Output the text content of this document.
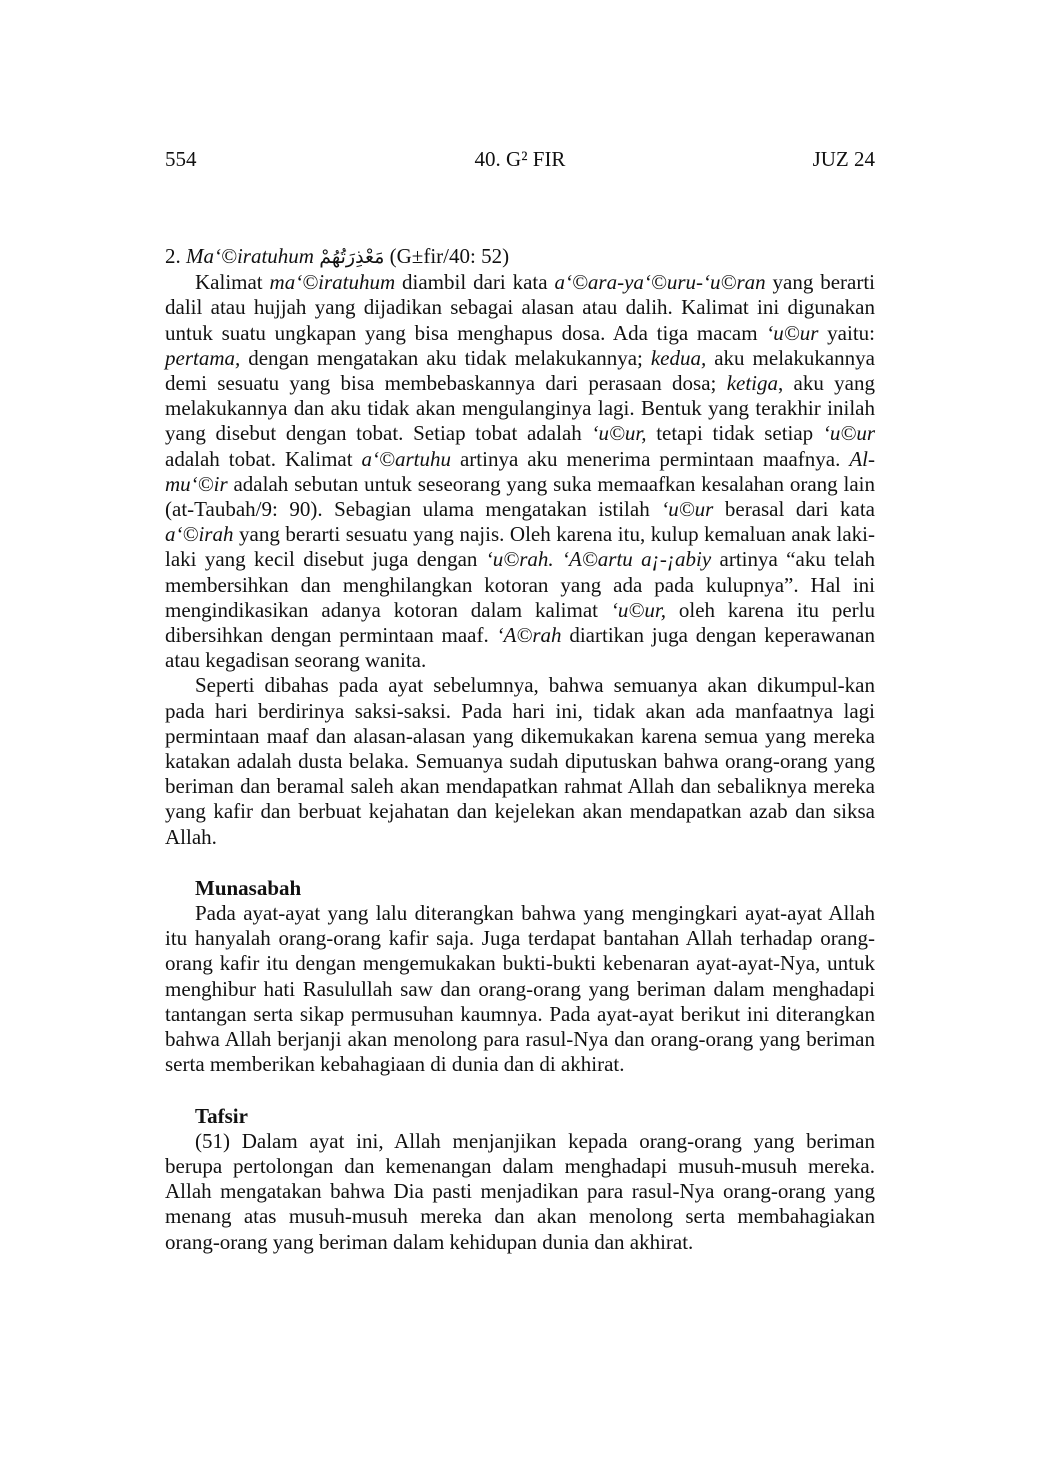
554	40. G² FIR	JUZ 24

2. Ma‘©iratuhum مَعْذِرَتُهُمْ (G±fir/40: 52)

Kalimat ma‘©iratuhum diambil dari kata a‘©ara-ya‘©uru-‘u©ran yang berarti dalil atau hujjah yang dijadikan sebagai alasan atau dalih. Kalimat ini digunakan untuk suatu ungkapan yang bisa menghapus dosa. Ada tiga macam ‘u©ur yaitu: pertama, dengan mengatakan aku tidak melakukannya; kedua, aku melakukannya demi sesuatu yang bisa membebaskannya dari perasaan dosa; ketiga, aku yang melakukannya dan aku tidak akan mengulanginya lagi. Bentuk yang terakhir inilah yang disebut dengan tobat. Setiap tobat adalah ‘u©ur, tetapi tidak setiap ‘u©ur adalah tobat. Kalimat a‘©artuhu artinya aku menerima permintaan maafnya. Al-mu‘©ir adalah sebutan untuk seseorang yang suka memaafkan kesalahan orang lain (at-Taubah/9: 90). Sebagian ulama mengatakan istilah ‘u©ur berasal dari kata a‘©irah yang berarti sesuatu yang najis. Oleh karena itu, kulup kemaluan anak laki-laki yang kecil disebut juga dengan ‘u©rah. ‘A©artu a¡-¡abiy artinya “aku telah membersihkan dan menghilangkan kotoran yang ada pada kulupnya”. Hal ini mengindikasikan adanya kotoran dalam kalimat ‘u©ur, oleh karena itu perlu dibersihkan dengan permintaan maaf. ‘A©rah diartikan juga dengan keperawanan atau kegadisan seorang wanita.

Seperti dibahas pada ayat sebelumnya, bahwa semuanya akan dikumpul-kan pada hari berdirinya saksi-saksi. Pada hari ini, tidak akan ada manfaatnya lagi permintaan maaf dan alasan-alasan yang dikemukakan karena semua yang mereka katakan adalah dusta belaka. Semuanya sudah diputuskan bahwa orang-orang yang beriman dan beramal saleh akan mendapatkan rahmat Allah dan sebaliknya mereka yang kafir dan berbuat kejahatan dan kejelekan akan mendapatkan azab dan siksa Allah.

Munasabah

Pada ayat-ayat yang lalu diterangkan bahwa yang mengingkari ayat-ayat Allah itu hanyalah orang-orang kafir saja. Juga terdapat bantahan Allah terhadap orang-orang kafir itu dengan mengemukakan bukti-bukti kebenaran ayat-ayat-Nya, untuk menghibur hati Rasulullah saw dan orang-orang yang beriman dalam menghadapi tantangan serta sikap permusuhan kaumnya. Pada ayat-ayat berikut ini diterangkan bahwa Allah berjanji akan menolong para rasul-Nya dan orang-orang yang beriman serta memberikan kebahagiaan di dunia dan di akhirat.

Tafsir

(51) Dalam ayat ini, Allah menjanjikan kepada orang-orang yang beriman berupa pertolongan dan kemenangan dalam menghadapi musuh-musuh mereka. Allah mengatakan bahwa Dia pasti menjadikan para rasul-Nya orang-orang yang menang atas musuh-musuh mereka dan akan menolong serta membahagiakan orang-orang yang beriman dalam kehidupan dunia dan akhirat.
